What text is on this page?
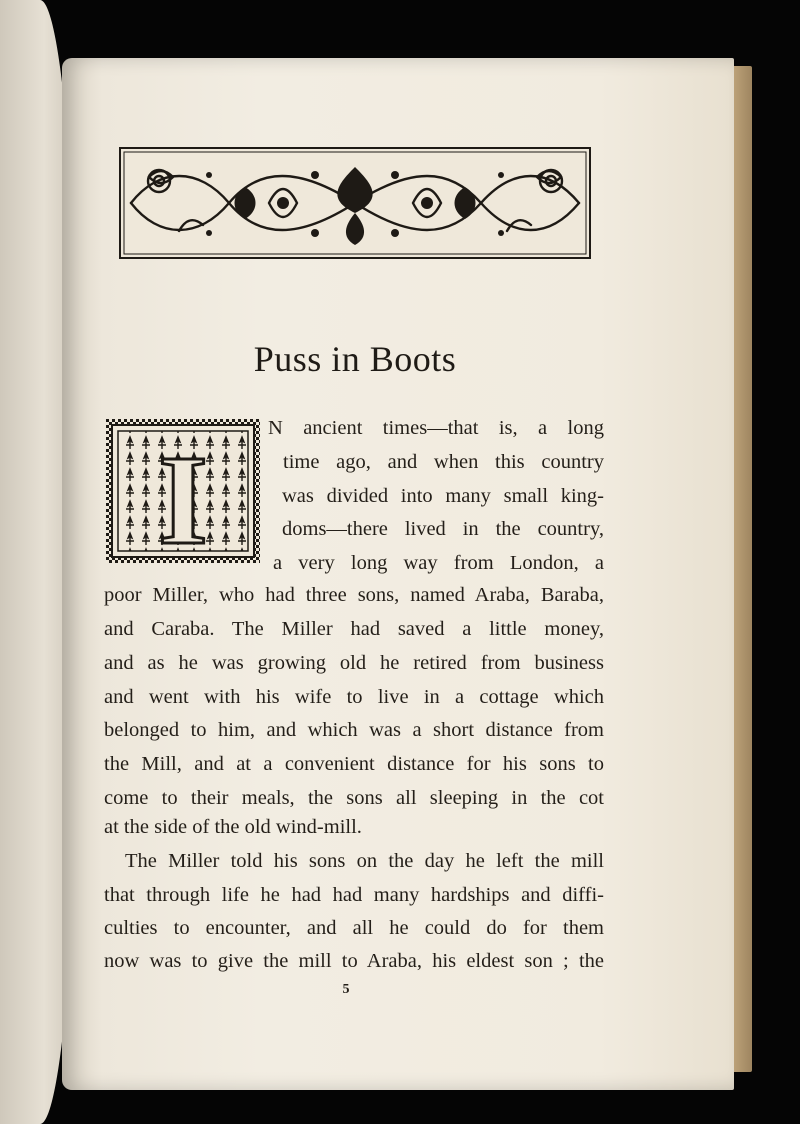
Puss in Boots
I
N ancient times—that is, a long
time ago, and when this country
was divided into many small king-
doms—there lived in the country,
a very long way from London, a
poor Miller, who had three sons, named Araba, Baraba,
and Caraba. The Miller had saved a little money,
and as he was growing old he retired from business
and went with his wife to live in a cottage which
belonged to him, and which was a short distance from
the Mill, and at a convenient distance for his sons to
come to their meals, the sons all sleeping in the cot
at the side of the old wind-mill.
The Miller told his sons on the day he left the mill
that through life he had had many hardships and diffi-
culties to encounter, and all he could do for them
now was to give the mill to Araba, his eldest son ; the
5
